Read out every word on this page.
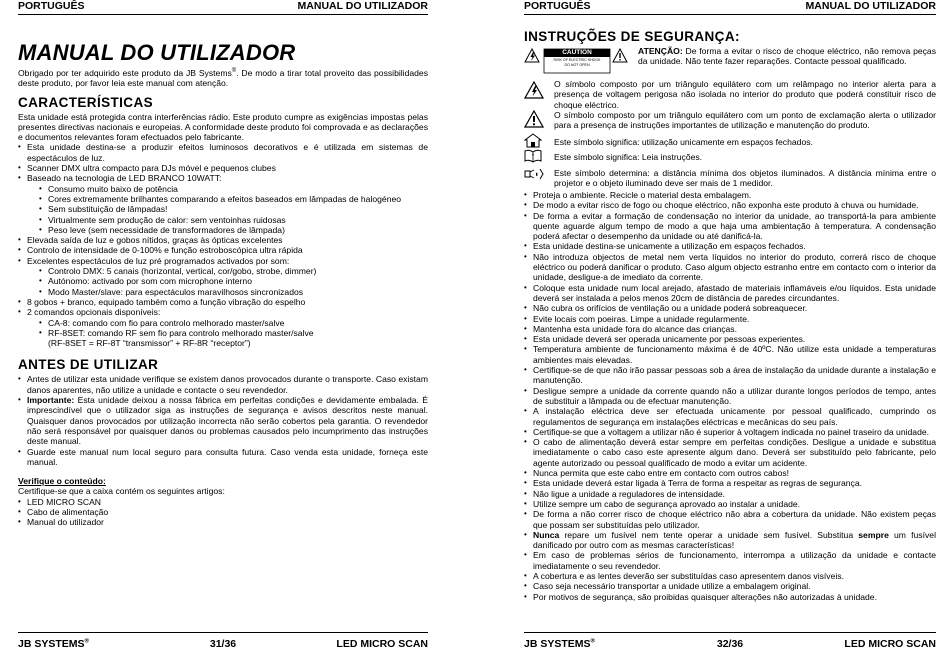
PORTUGUÊS	MANUAL DO UTILIZADOR
MANUAL DO UTILIZADOR

Obrigado por ter adquirido este produto da JB Systems®. De modo a tirar total proveito das possibilidades deste produto, por favor leia este manual com atenção.

CARACTERÍSTICAS

Esta unidade está protegida contra interferências rádio. Este produto cumpre as exigências impostas pelas presentes directivas nacionais e europeias. A conformidade deste produto foi comprovada e as declarações e documentos relevantes foram efectuados pelo fabricante.

• Esta unidade destina-se a produzir efeitos luminosos decorativos e é utilizada em sistemas de espectáculos de luz.
• Scanner DMX ultra compacto para DJs móvel e pequenos clubes
• Baseado na tecnologia de LED BRANCO 10WATT:
• Consumo muito baixo de potência
• Cores extremamente brilhantes comparando a efeitos baseados em lâmpadas de halogéneo
• Sem substituição de lâmpadas!
• Virtualmente sem produção de calor: sem ventoinhas ruidosas
• Peso leve (sem necessidade de transformadores de lâmpada)
• Elevada saída de luz e gobos nítidos, graças às ópticas excelentes
• Controlo de intensidade de 0-100% e função estroboscópica ultra rápida
• Excelentes espectáculos de luz pré programados activados por som:
• Controlo DMX: 5 canais (horizontal, vertical, cor/gobo, strobe, dimmer)
• Autónomo: activado por som com microphone interno
• Modo Master/slave: para espectáculos maravilhosos sincronizados
• 8 gobos + branco, equipado também como a função vibração do espelho
• 2 comandos opcionais disponíveis:
• CA-8: comando com fio para controlo melhorado master/salve
• RF-8SET: comando RF sem fio para controlo melhorado master/salve
(RF-8SET = RF-8T “transmissor” + RF-8R “receptor”)
ANTES DE UTILIZAR
• Antes de utilizar esta unidade verifique se existem danos provocados durante o transporte. Caso existam danos aparentes, não utilize a unidade e contacte o seu revendedor.
• Importante: Esta unidade deixou a nossa fábrica em perfeitas condições e devidamente embalada. É imprescindível que o utilizador siga as instruções de segurança e avisos descritos neste manual. Quaisquer danos provocados por utilização incorrecta não serão cobertos pela garantia. O revendedor não será responsável por quaisquer danos ou problemas causados pelo incumprimento das instruções deste manual.
• Guarde este manual num local seguro para consulta futura. Caso venda esta unidade, forneça este manual.
Verifique o conteúdo:

Certifique-se que a caixa contém os seguintes artigos:

• LED MICRO SCAN
• Cabo de alimentação
• Manual do utilizador
JB SYSTEMS®	31/36	LED MICRO SCAN
PORTUGUÊS	MANUAL DO UTILIZADOR
INSTRUÇÕES DE SEGURANÇA:
CAUTION
RISK OF ELECTRIC SHOCK
DO NOT OPEN

ATENÇÃO: De forma a evitar o risco de choque eléctrico, não remova peças da unidade. Não tente fazer reparações. Contacte pessoal qualificado.

O símbolo composto por um triângulo equilátero com um relâmpago no interior alerta para a presença de voltagem perigosa não isolada no interior do produto que poderá constituir risco de choque eléctrico.

O símbolo composto por um triângulo equilátero com um ponto de exclamação alerta o utilizador para a presença de instruções importantes de utilização e manutenção do produto.

Este símbolo significa: utilização unicamente em espaços fechados.

Este símbolo significa: Leia instruções.

Este símbolo determina: a distância mínima dos objetos iluminados. A distância mínima entre o projetor e o objeto iluminado deve ser mais de 1 medidor.

• Proteja o ambiente. Recicle o material desta embalagem.
• De modo a evitar risco de fogo ou choque eléctrico, não exponha este produto à chuva ou humidade.
• De forma a evitar a formação de condensação no interior da unidade, ao transportá-la para ambiente quente aguarde algum tempo de modo a que haja uma ambientação à temperatura. A condensação poderá afectar o desempenho da unidade ou até danificá-la.
• Esta unidade destina-se unicamente a utilização em espaços fechados.
• Não introduza objectos de metal nem verta líquidos no interior do produto, correrá risco de choque eléctrico ou poderá danificar o produto. Caso algum objecto estranho entre em contacto com o interior da unidade, desligue-a de imediato da corrente.
• Coloque esta unidade num local arejado, afastado de materiais inflamáveis e/ou líquidos. Esta unidade deverá ser instalada a pelos menos 20cm de distância de paredes circundantes.
• Não cubra os orifícios de ventilação ou a unidade poderá sobreaquecer.
• Evite locais com poeiras. Limpe a unidade regularmente.
• Mantenha esta unidade fora do alcance das crianças.
• Esta unidade deverá ser operada unicamente por pessoas experientes.
• Temperatura ambiente de funcionamento máxima é de 40ºC. Não utilize esta unidade a temperaturas ambientes mais elevadas.
• Certifique-se de que não irão passar pessoas sob a área de instalação da unidade durante a instalação e manutenção.
• Desligue sempre a unidade da corrente quando não a utilizar durante longos períodos de tempo, antes de substituir a lâmpada ou de efectuar manutenção.
• A instalação eléctrica deve ser efectuada unicamente por pessoal qualificado, cumprindo os regulamentos de segurança em instalações eléctricas e mecânicas do seu país.
• Certifique-se que a voltagem a utilizar não é superior à voltagem indicada no painel traseiro da unidade.
• O cabo de alimentação deverá estar sempre em perfeitas condições. Desligue a unidade e substitua imediatamente o cabo caso este apresente algum dano. Deverá ser substituído pelo fabricante, pelo agente autorizado ou pessoal qualificado de modo a evitar um acidente.
• Nunca permita que este cabo entre em contacto com outros cabos!
• Esta unidade deverá estar ligada à Terra de forma a respeitar as regras de segurança.
• Não ligue a unidade a reguladores de intensidade.
• Utilize sempre um cabo de segurança aprovado ao instalar a unidade.
• De forma a não correr risco de choque eléctrico não abra a cobertura da unidade. Não existem peças que possam ser substituídas pelo utilizador.
• Nunca repare um fusível nem tente operar a unidade sem fusível. Substitua sempre um fusível danificado por outro com as mesmas características!
• Em caso de problemas sérios de funcionamento, interrompa a utilização da unidade e contacte imediatamente o seu revendedor.
• A cobertura e as lentes deverão ser substituídas caso apresentem danos visíveis.
• Caso seja necessário transportar a unidade utilize a embalagem original.
• Por motivos de segurança, são proibidas quaisquer alterações não autorizadas à unidade.
JB SYSTEMS®	32/36	LED MICRO SCAN
